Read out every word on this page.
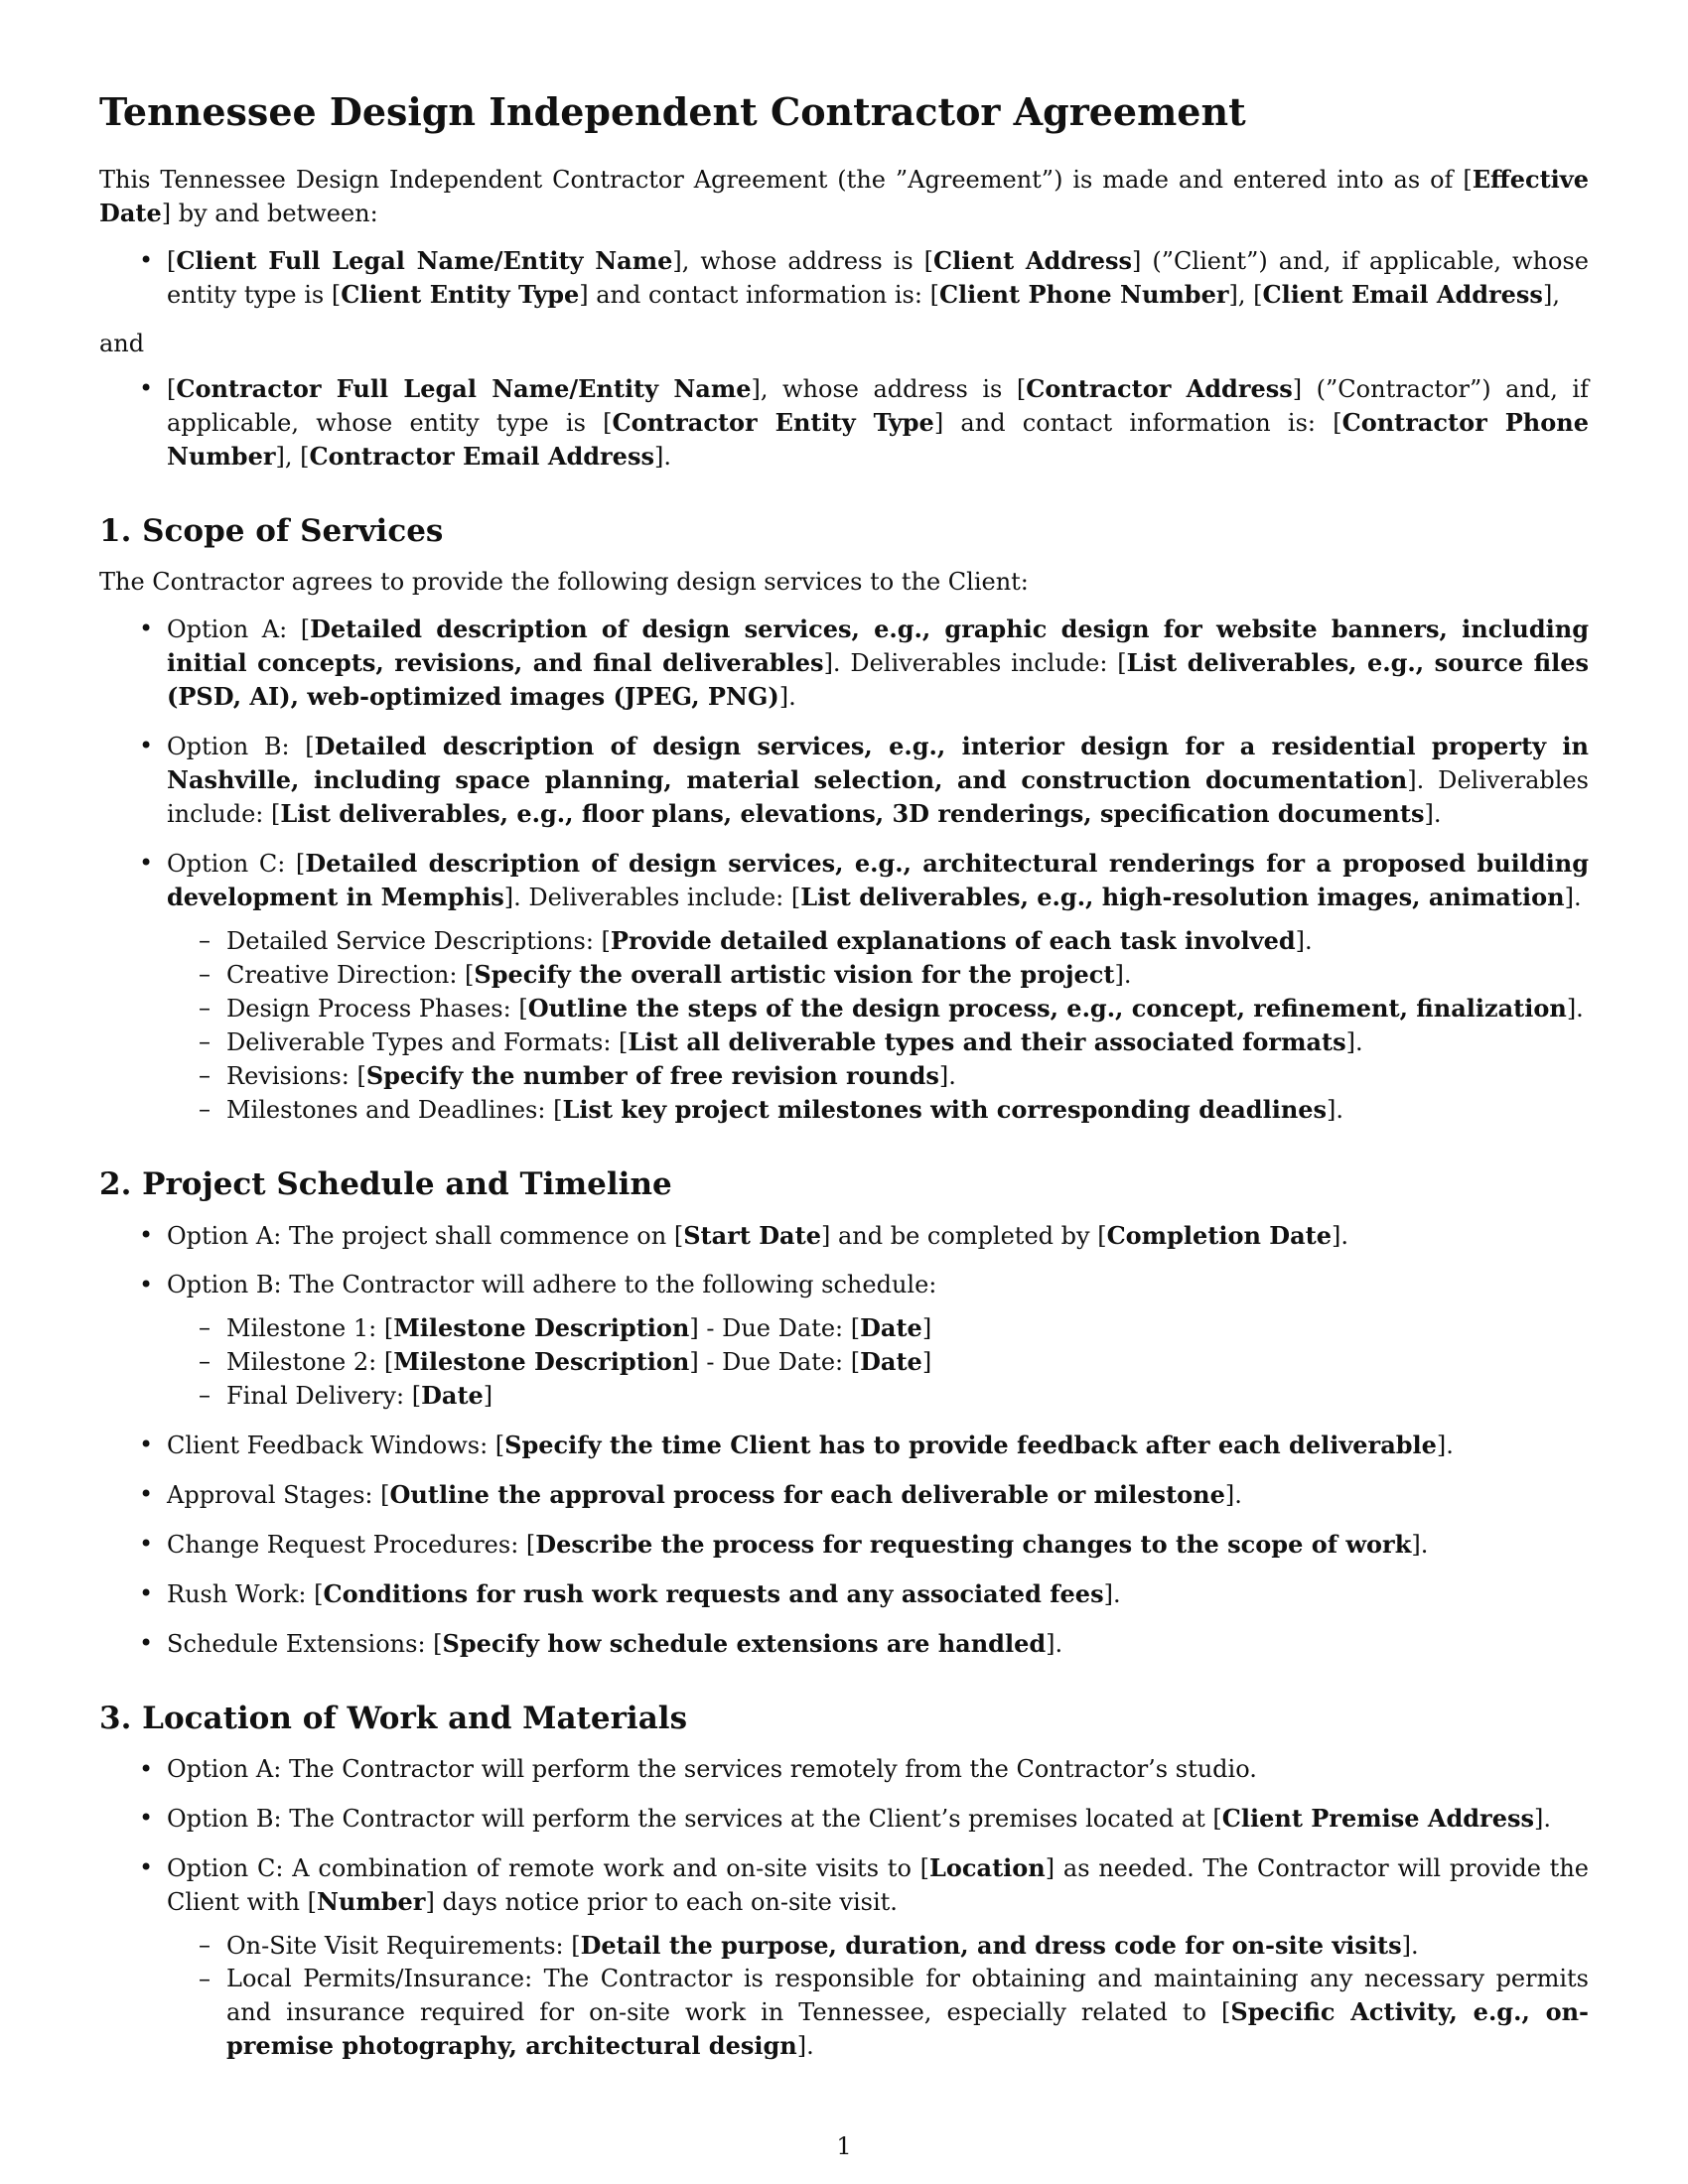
Tennessee Design Independent Contractor Agreement

This Tennessee Design Independent Contractor Agreement (the ”Agreement”) is made and entered into as of [Effective Date] by and between:

• [Client Full Legal Name/Entity Name], whose address is [Client Address] (”Client”) and, if applicable, whose entity type is [Client Entity Type] and contact information is: [Client Phone Number], [Client Email Address],

and

• [Contractor Full Legal Name/Entity Name], whose address is [Contractor Address] (”Contractor”) and, if applicable, whose entity type is [Contractor Entity Type] and contact information is: [Contractor Phone Number], [Contractor Email Address].
1. Scope of Services

The Contractor agrees to provide the following design services to the Client:

• Option A: [Detailed description of design services, e.g., graphic design for website banners, including initial concepts, revisions, and final deliverables]. Deliverables include: [List deliverables, e.g., source files (PSD, AI), web-optimized images (JPEG, PNG)].
• Option B: [Detailed description of design services, e.g., interior design for a residential property in Nashville, including space planning, material selection, and construction documentation]. Deliverables include: [List deliverables, e.g., floor plans, elevations, 3D renderings, specification documents].
• Option C: [Detailed description of design services, e.g., architectural renderings for a proposed building development in Memphis]. Deliverables include: [List deliverables, e.g., high-resolution images, animation].
– Detailed Service Descriptions: [Provide detailed explanations of each task involved].
– Creative Direction: [Specify the overall artistic vision for the project].
– Design Process Phases: [Outline the steps of the design process, e.g., concept, refinement, finalization].
– Deliverable Types and Formats: [List all deliverable types and their associated formats].
– Revisions: [Specify the number of free revision rounds].
– Milestones and Deadlines: [List key project milestones with corresponding deadlines].
2. Project Schedule and Timeline
• Option A: The project shall commence on [Start Date] and be completed by [Completion Date].
• Option B: The Contractor will adhere to the following schedule:
– Milestone 1: [Milestone Description] - Due Date: [Date]
– Milestone 2: [Milestone Description] - Due Date: [Date]
– Final Delivery: [Date]
• Client Feedback Windows: [Specify the time Client has to provide feedback after each deliverable].
• Approval Stages: [Outline the approval process for each deliverable or milestone].
• Change Request Procedures: [Describe the process for requesting changes to the scope of work].
• Rush Work: [Conditions for rush work requests and any associated fees].
• Schedule Extensions: [Specify how schedule extensions are handled].
3. Location of Work and Materials
• Option A: The Contractor will perform the services remotely from the Contractor’s studio.
• Option B: The Contractor will perform the services at the Client’s premises located at [Client Premise Address].
• Option C: A combination of remote work and on-site visits to [Location] as needed. The Contractor will provide the Client with [Number] days notice prior to each on-site visit.
– On-Site Visit Requirements: [Detail the purpose, duration, and dress code for on-site visits].
– Local Permits/Insurance: The Contractor is responsible for obtaining and maintaining any necessary permits and insurance required for on-site work in Tennessee, especially related to [Specific Activity, e.g., on-premise photography, architectural design].
1
